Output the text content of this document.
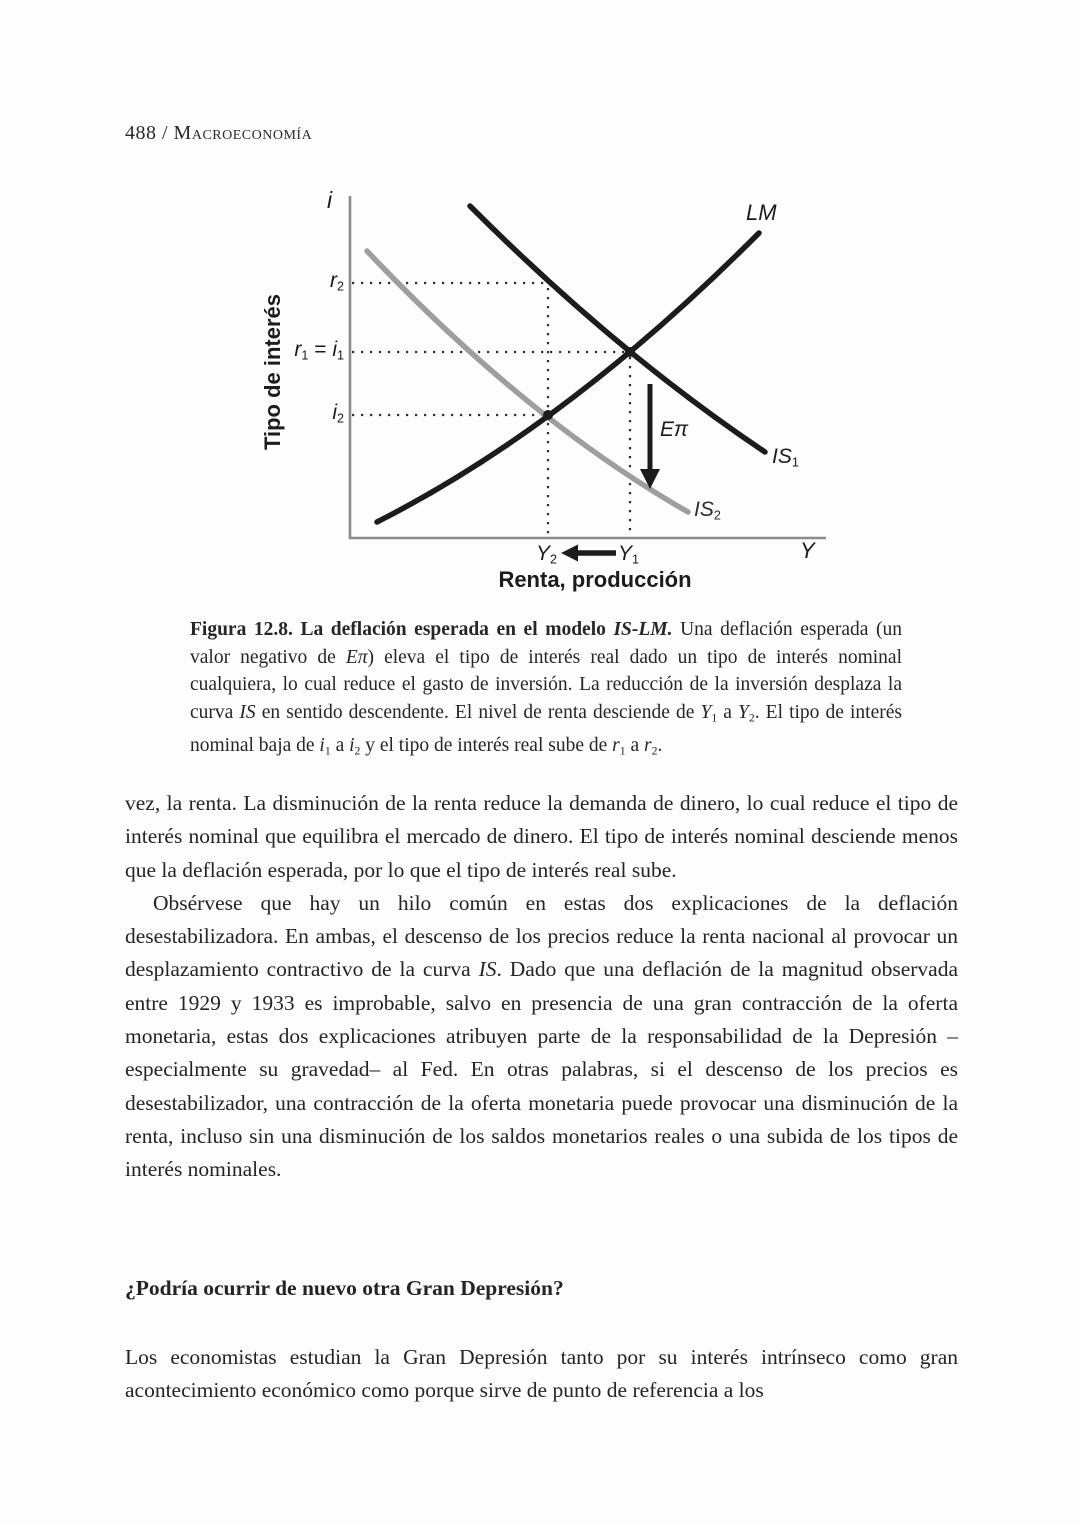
488 / Macroeconomía
i	LM
$r_2$
$r_1 = i_1$
$i_2$	Eπ
$IS_1$
$IS_2$
$Y_2$	$Y_1$	Y
Renta, producción
Tipo de interés
Figura 12.8. La deflación esperada en el modelo IS-LM. Una deflación esperada (un valor negativo de Eπ) eleva el tipo de interés real dado un tipo de interés nominal cualquiera, lo cual reduce el gasto de inversión. La reducción de la inversión desplaza la curva IS en sentido descendente. El nivel de renta desciende de $Y_1$ a $Y_2$. El tipo de interés nominal baja de $i_1$ a $i_2$ y el tipo de interés real sube de $r_1$ a $r_2$.

vez, la renta. La disminución de la renta reduce la demanda de dinero, lo cual reduce el tipo de interés nominal que equilibra el mercado de dinero. El tipo de interés nominal desciende menos que la deflación esperada, por lo que el tipo de interés real sube.

Obsérvese que hay un hilo común en estas dos explicaciones de la deflación desestabilizadora. En ambas, el descenso de los precios reduce la renta nacional al provocar un desplazamiento contractivo de la curva IS. Dado que una deflación de la magnitud observada entre 1929 y 1933 es improbable, salvo en presencia de una gran contracción de la oferta monetaria, estas dos explicaciones atribuyen parte de la responsabilidad de la Depresión –especialmente su gravedad– al Fed. En otras palabras, si el descenso de los precios es desestabilizador, una contracción de la oferta monetaria puede provocar una disminución de la renta, incluso sin una disminución de los saldos monetarios reales o una subida de los tipos de interés nominales.

¿Podría ocurrir de nuevo otra Gran Depresión?
Los economistas estudian la Gran Depresión tanto por su interés intrínseco como gran acontecimiento económico como porque sirve de punto de referencia a los
